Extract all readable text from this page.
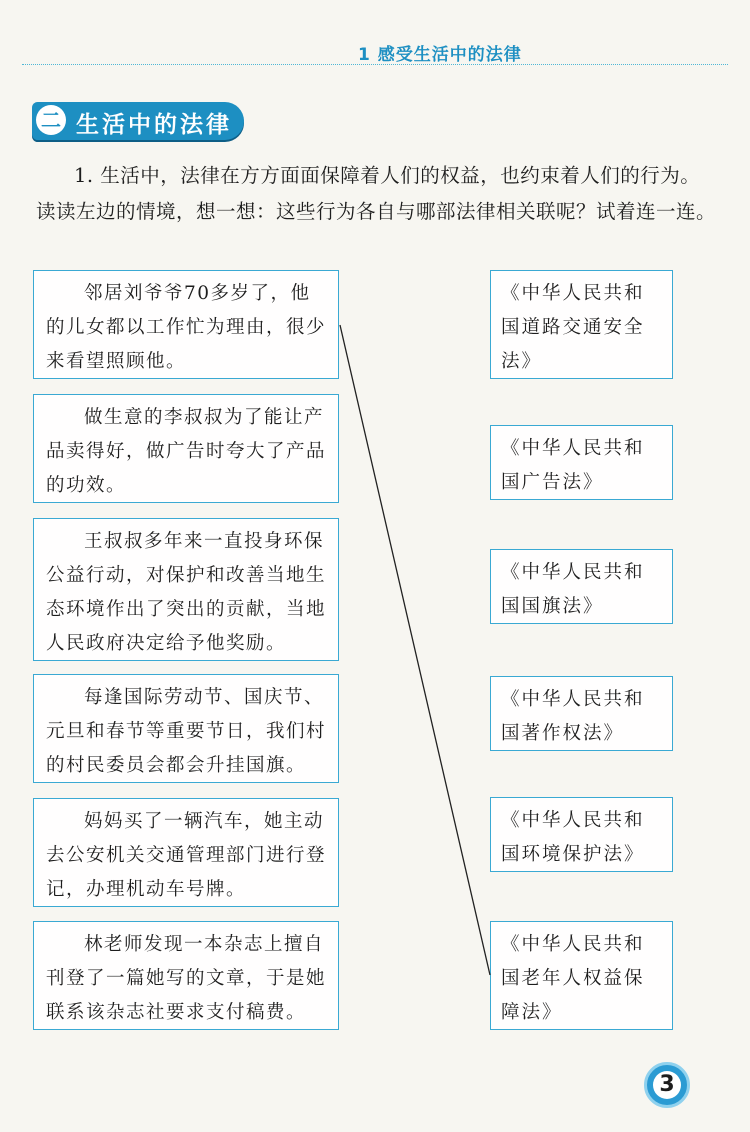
1 感受生活中的法律
二 生活中的法律
1. 生活中，法律在方方面面保障着人们的权益，也约束着人们的行为。读读左边的情境，想一想：这些行为各自与哪部法律相关联呢？试着连一连。
邻居刘爷爷70多岁了，他的儿女都以工作忙为理由，很少来看望照顾他。
做生意的李叔叔为了能让产品卖得好，做广告时夸大了产品的功效。
王叔叔多年来一直投身环保公益行动，对保护和改善当地生态环境作出了突出的贡献，当地人民政府决定给予他奖励。
每逢国际劳动节、国庆节、元旦和春节等重要节日，我们村的村民委员会都会升挂国旗。
妈妈买了一辆汽车，她主动去公安机关交通管理部门进行登记，办理机动车号牌。
林老师发现一本杂志上擅自刊登了一篇她写的文章，于是她联系该杂志社要求支付稿费。
《中华人民共和国道路交通安全法》
《中华人民共和国广告法》
《中华人民共和国国旗法》
《中华人民共和国著作权法》
《中华人民共和国环境保护法》
《中华人民共和国老年人权益保障法》
3
